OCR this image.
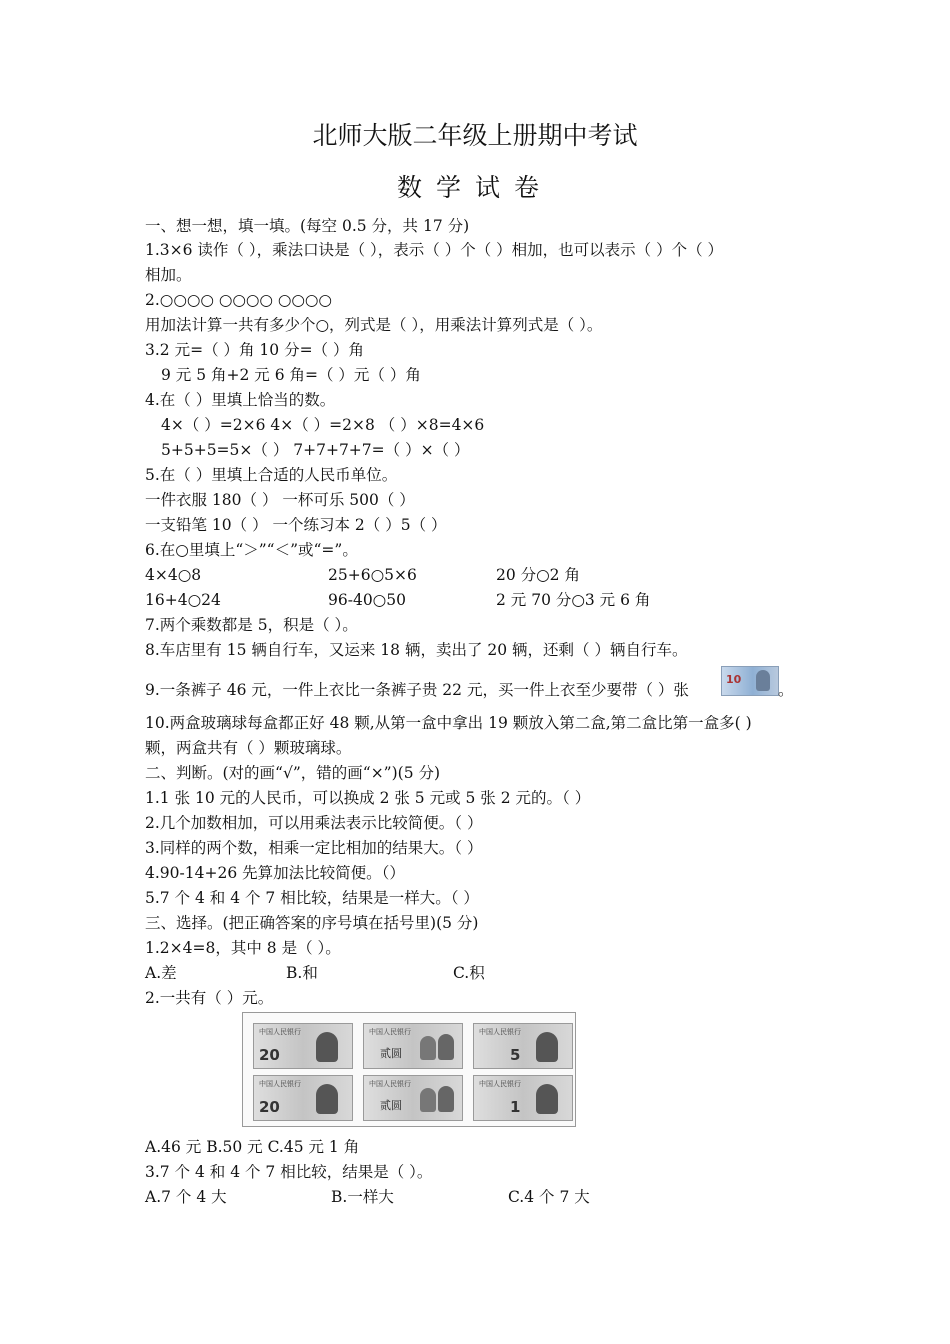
北师大版二年级上册期中考试
数学试卷
一、想一想，填一填。(每空 0.5 分，共 17 分)
1.3×6 读作（ ），乘法口诀是（ ），表示（ ）个（ ）相加，也可以表示（ ）个（ ）
相加。
2.○○○○ ○○○○ ○○○○
用加法计算一共有多少个○，列式是（ ），用乘法计算列式是（ ）。
3.2 元=（ ）角 10 分=（ ）角
9 元 5 角+2 元 6 角=（ ）元（ ）角
4.在（ ）里填上恰当的数。
4×（ ）=2×6 4×（ ）=2×8 （ ）×8=4×6
5+5+5=5×（ ） 7+7+7+7=（ ）×（ ）
5.在（ ）里填上合适的人民币单位。
一件衣服 180（ ） 一杯可乐 500（ ）
一支铅笔 10（ ） 一个练习本 2（ ）5（ ）
6.在○里填上“＞”“＜”或“=”。
4×4○8	25+6○5×6	20 分○2 角
16+4○24	96-40○50	2 元 70 分○3 元 6 角
7.两个乘数都是 5，积是（ ）。
8.车店里有 15 辆自行车，又运来 18 辆，卖出了 20 辆，还剩（ ）辆自行车。
9.一条裤子 46 元，一件上衣比一条裤子贵 22 元，买一件上衣至少要带（ ）张
10
。
10.两盒玻璃球每盒都正好 48 颗,从第一盒中拿出 19 颗放入第二盒,第二盒比第一盒多( )
颗，两盒共有（ ）颗玻璃球。
二、判断。(对的画“√”，错的画“×”)(5 分)
1.1 张 10 元的人民币，可以换成 2 张 5 元或 5 张 2 元的。（ ）
2.几个加数相加，可以用乘法表示比较简便。（ ）
3.同样的两个数，相乘一定比相加的结果大。（ ）
4.90-14+26 先算加法比较简便。（）
5.7 个 4 和 4 个 7 相比较，结果是一样大。（ ）
三、选择。(把正确答案的序号填在括号里)(5 分)
1.2×4=8，其中 8 是（ ）。
A.差	B.和	C.积
2.一共有（ ）元。
中国人民银行
20
中国人民银行
贰圆
中国人民银行
5
中国人民银行
20
中国人民银行
贰圆
中国人民银行
1
A.46 元 B.50 元 C.45 元 1 角
3.7 个 4 和 4 个 7 相比较，结果是（ ）。
A.7 个 4 大	B.一样大	C.4 个 7 大
